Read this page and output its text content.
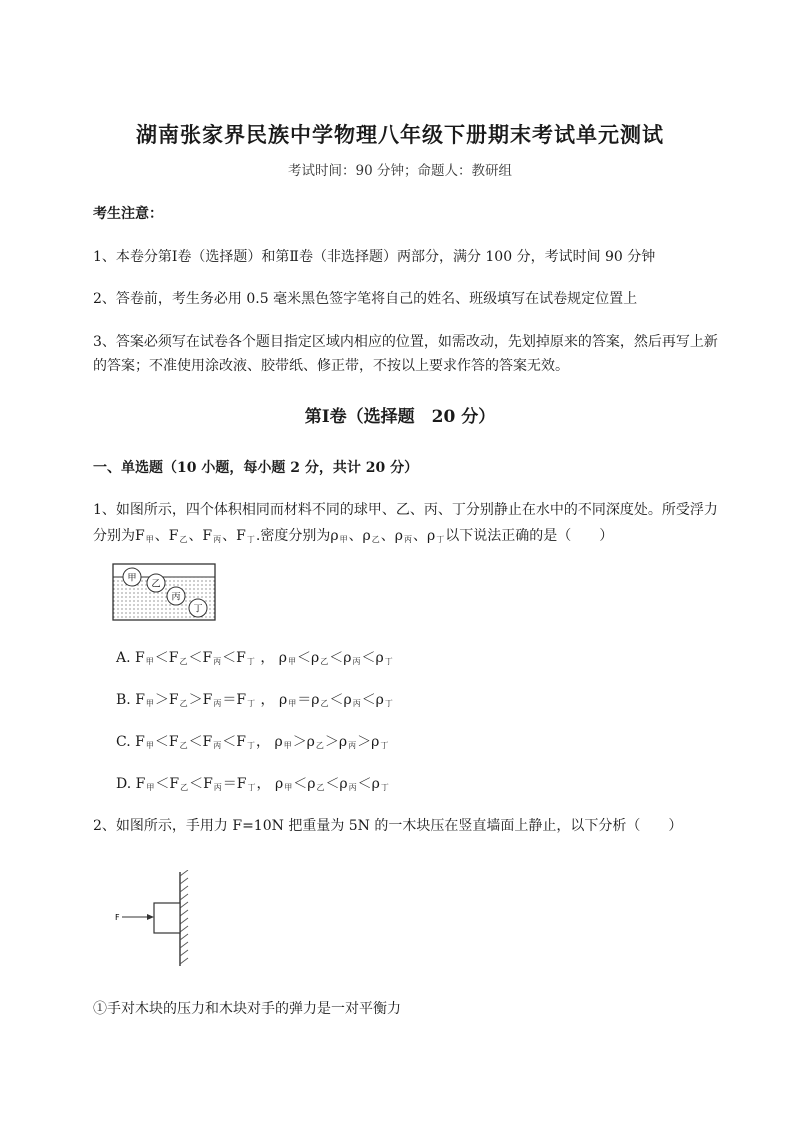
湖南张家界民族中学物理八年级下册期末考试单元测试
考试时间：90 分钟；命题人：教研组
考生注意：
1、本卷分第Ⅰ卷（选择题）和第Ⅱ卷（非选择题）两部分，满分 100 分，考试时间 90 分钟
2、答卷前，考生务必用 0.5 毫米黑色签字笔将自己的姓名、班级填写在试卷规定位置上
3、答案必须写在试卷各个题目指定区域内相应的位置，如需改动，先划掉原来的答案，然后再写上新
的答案；不准使用涂改液、胶带纸、修正带，不按以上要求作答的答案无效。
第Ⅰ卷（选择题　20 分）
一、单选题（10 小题，每小题 2 分，共计 20 分）
1、如图所示，四个体积相同而材料不同的球甲、乙、丙、丁分别静止在水中的不同深度处。所受浮力
分别为$F_甲$、$F_乙$、$F_丙$、$F_丁$.密度分别为$\rho_甲$、$\rho_乙$、$\rho_丙$、$\rho_丁$以下说法正确的是（　　）
甲
乙
丙
丁
A. $F_甲<F_乙<F_丙<F_丁$ ， $\rho_甲<\rho_乙<\rho_丙<\rho_丁$
B. $F_甲>F_乙>F_丙=F_丁$ ， $\rho_甲=\rho_乙<\rho_丙<\rho_丁$
C. $F_甲<F_乙<F_丙<F_丁$， $\rho_甲>\rho_乙>\rho_丙>\rho_丁$
D. $F_甲<F_乙<F_丙=F_丁$， $\rho_甲<\rho_乙<\rho_丙<\rho_丁$
2、如图所示，手用力 F=10N 把重量为 5N 的一木块压在竖直墙面上静止，以下分析（　　）
F
①手对木块的压力和木块对手的弹力是一对平衡力
